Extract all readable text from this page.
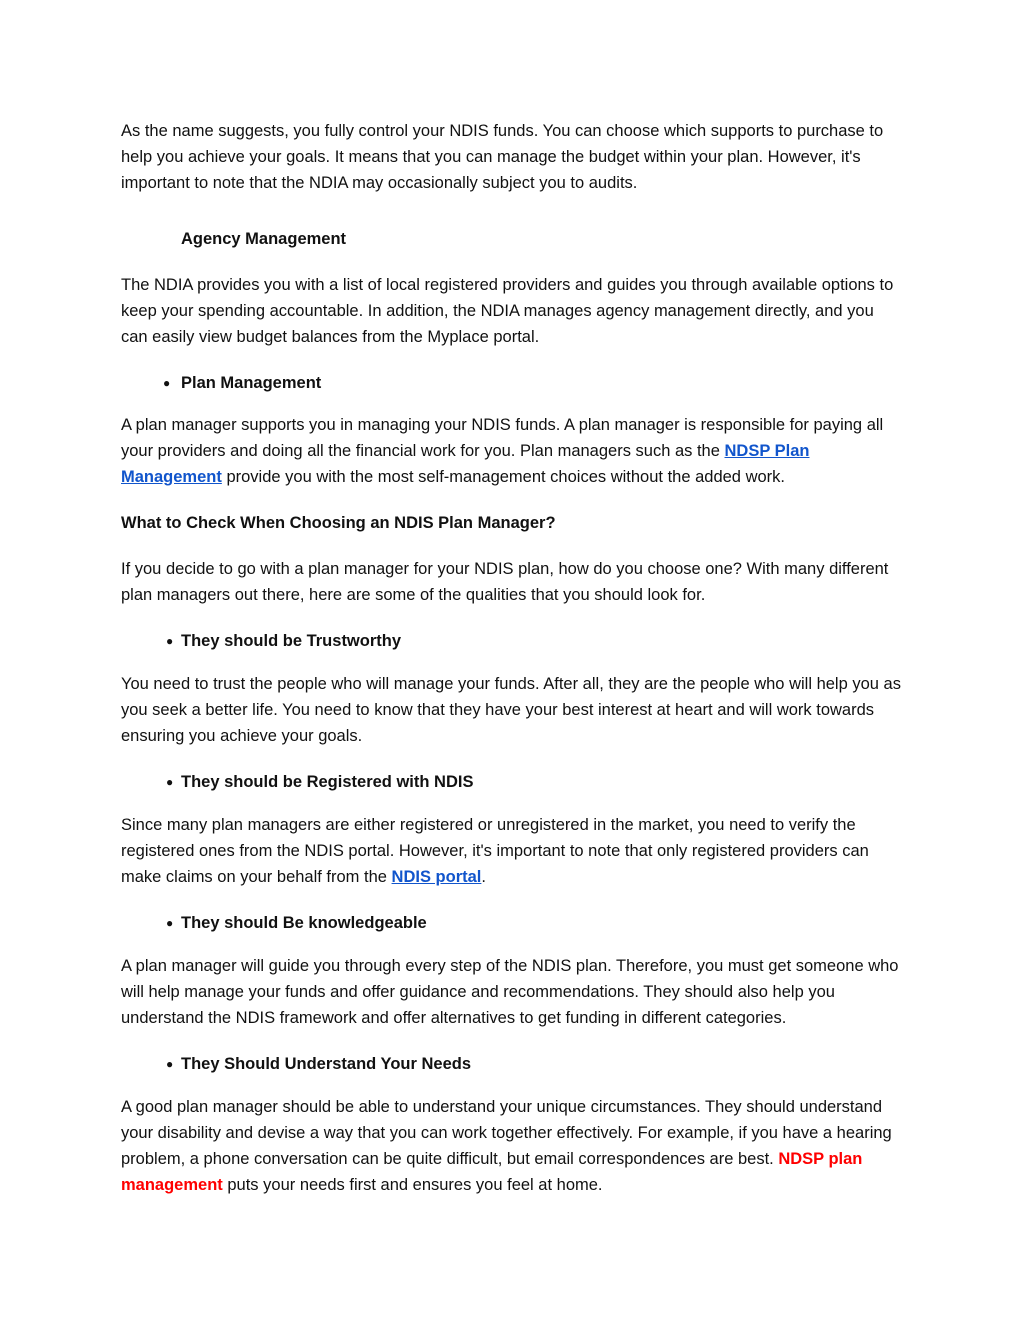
As the name suggests, you fully control your NDIS funds. You can choose which supports to purchase to help you achieve your goals. It means that you can manage the budget within your plan. However, it's important to note that the NDIA may occasionally subject you to audits.

Agency Management

The NDIA provides you with a list of local registered providers and guides you through available options to keep your spending accountable. In addition, the NDIA manages agency management directly, and you can easily view budget balances from the Myplace portal.

● Plan Management

A plan manager supports you in managing your NDIS funds. A plan manager is responsible for paying all your providers and doing all the financial work for you. Plan managers such as the NDSP Plan Management provide you with the most self-management choices without the added work.

What to Check When Choosing an NDIS Plan Manager?

If you decide to go with a plan manager for your NDIS plan, how do you choose one? With many different plan managers out there, here are some of the qualities that you should look for.

● They should be Trustworthy

You need to trust the people who will manage your funds. After all, they are the people who will help you as you seek a better life. You need to know that they have your best interest at heart and will work towards ensuring you achieve your goals.

● They should be Registered with NDIS

Since many plan managers are either registered or unregistered in the market, you need to verify the registered ones from the NDIS portal. However, it's important to note that only registered providers can make claims on your behalf from the NDIS portal.

● They should Be knowledgeable

A plan manager will guide you through every step of the NDIS plan. Therefore, you must get someone who will help manage your funds and offer guidance and recommendations. They should also help you understand the NDIS framework and offer alternatives to get funding in different categories.

● They Should Understand Your Needs

A good plan manager should be able to understand your unique circumstances. They should understand your disability and devise a way that you can work together effectively. For example, if you have a hearing problem, a phone conversation can be quite difficult, but email correspondences are best. NDSP plan management puts your needs first and ensures you feel at home.
